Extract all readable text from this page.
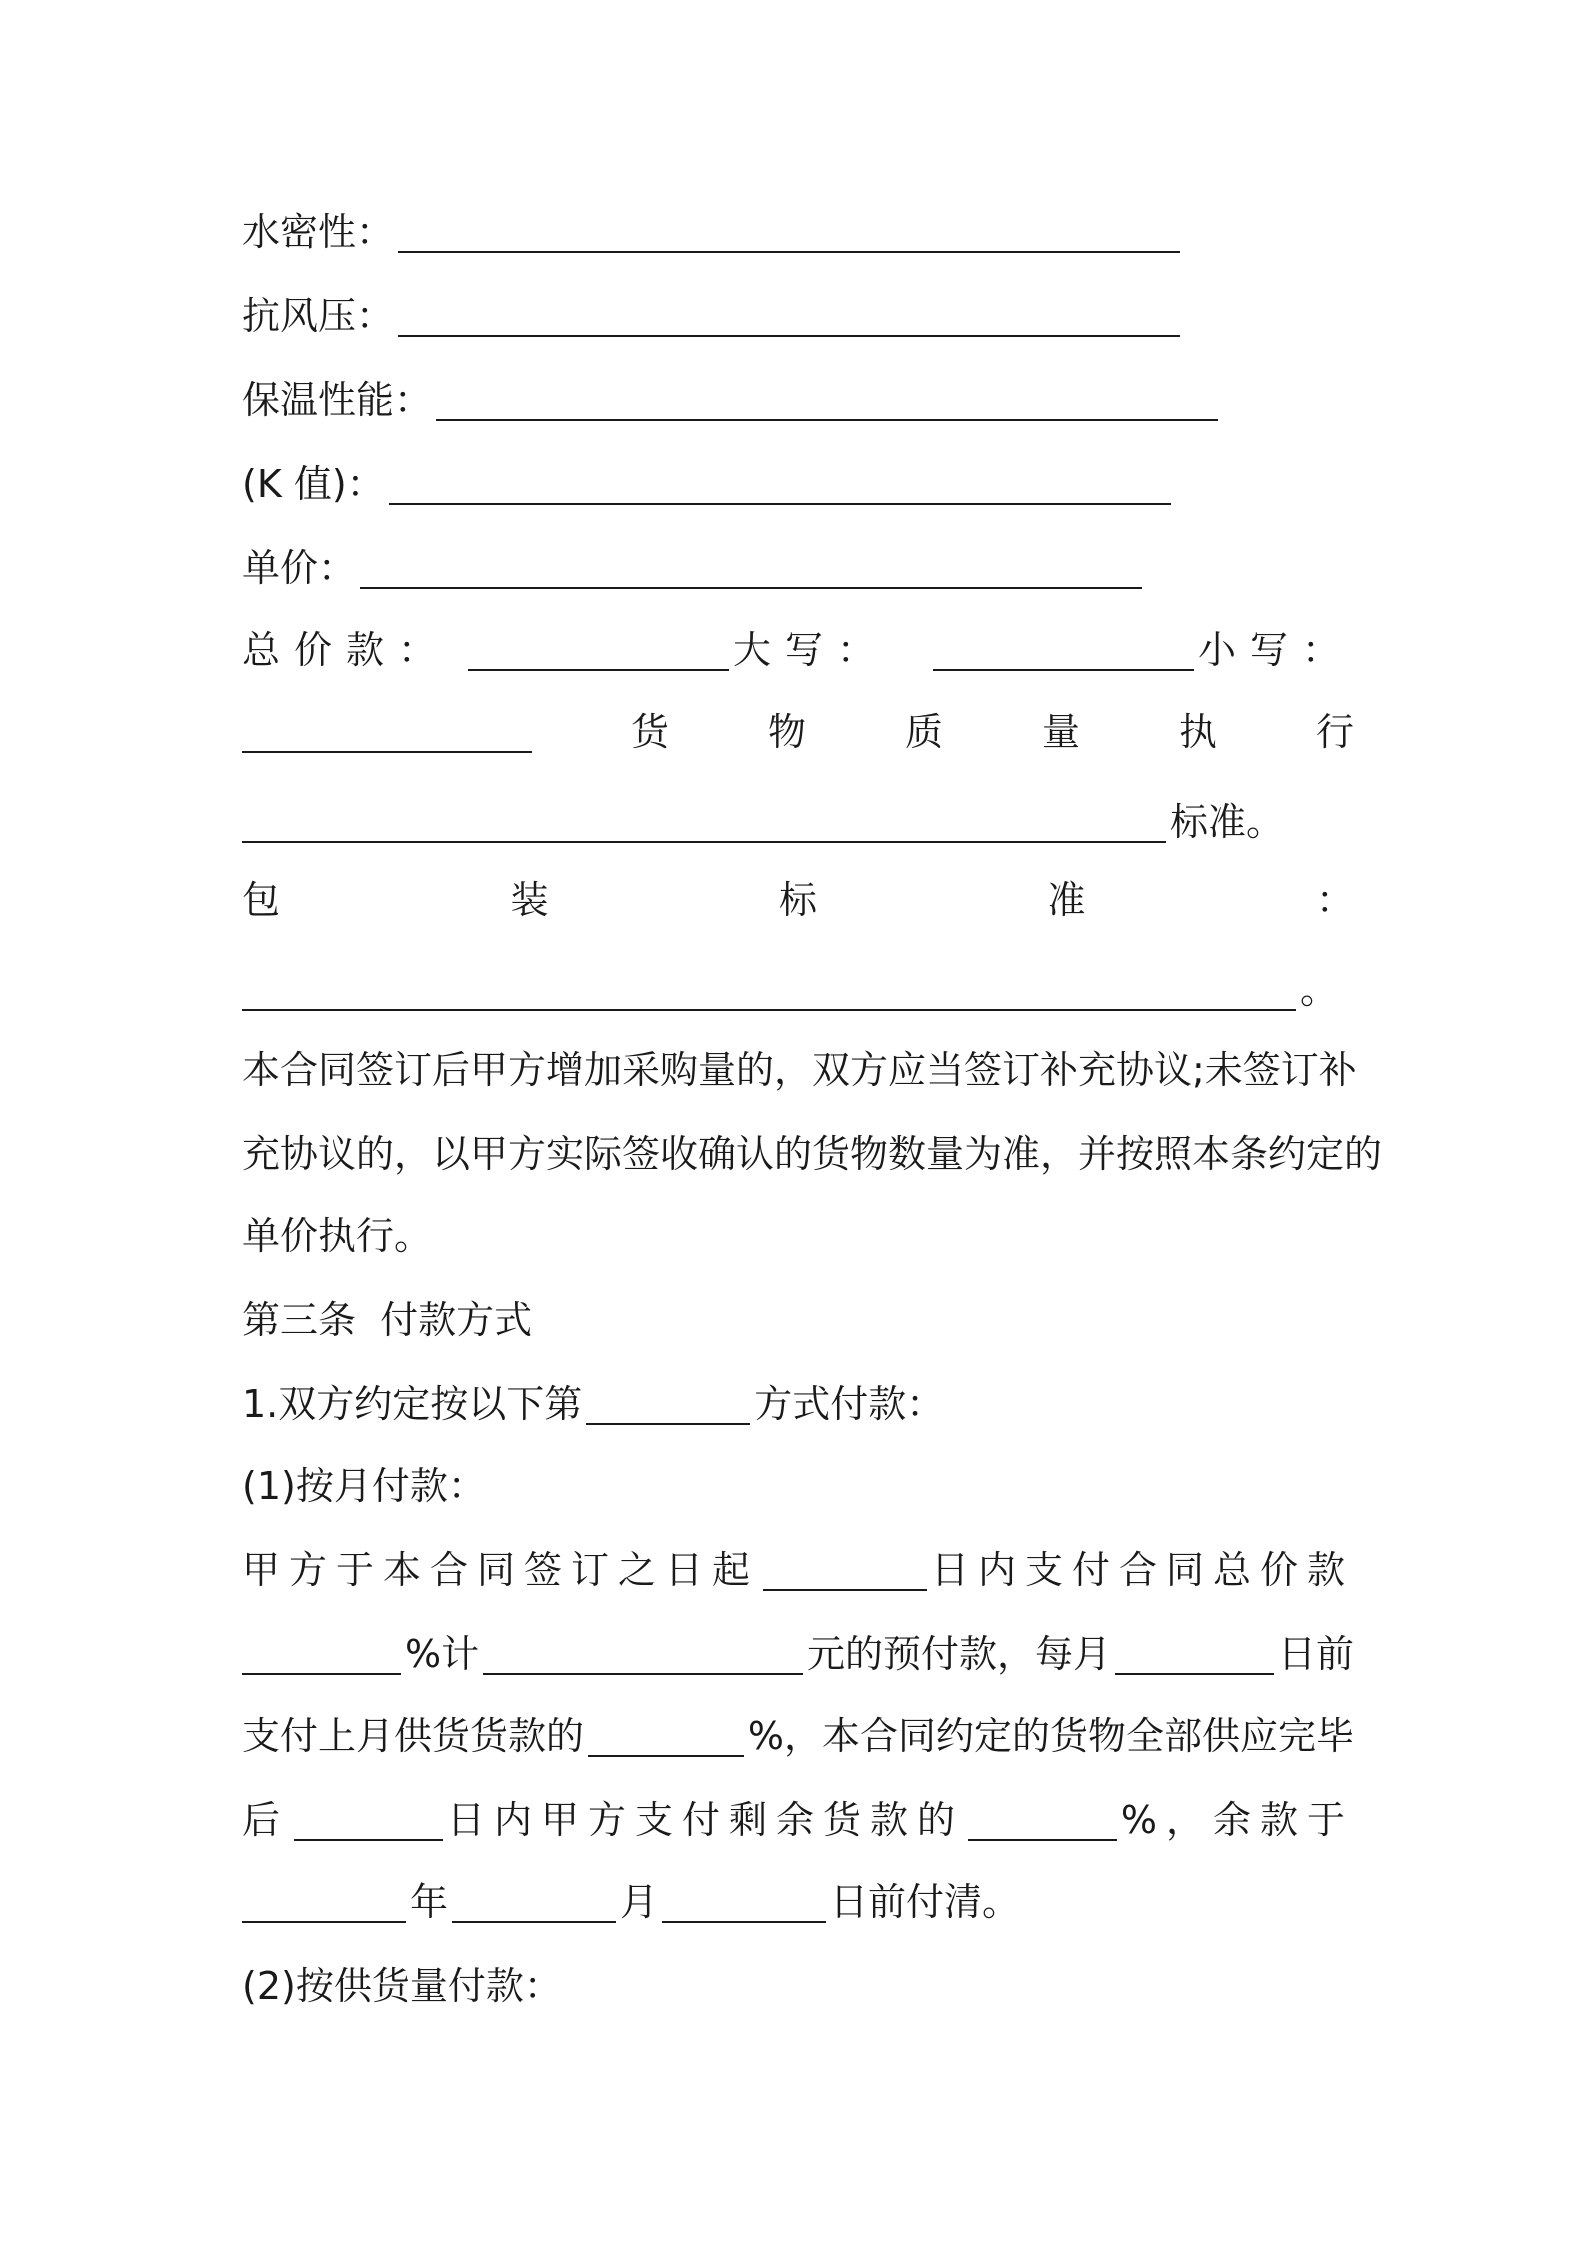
水密性：
抗风压：
保温性能：
(K 值)：
单价：
总价款：	大写：	小写：
货	物	质	量	执	行
标准。
包	装	标	准	：
。
本合同签订后甲方增加采购量的，双方应当签订补充协议;未签订补
充协议的，以甲方实际签收确认的货物数量为准，并按照本条约定的
单价执行。
第三条  付款方式
1.双方约定按以下第	方式付款：
(1)按月付款：
甲方于本合同签订之日起	日内支付合同总价款
%计	元的预付款，每月	日前
支付上月供货货款的	%，本合同约定的货物全部供应完毕
后	日内甲方支付剩余货款的	%，余款于
年	月	日前付清。
(2)按供货量付款：
